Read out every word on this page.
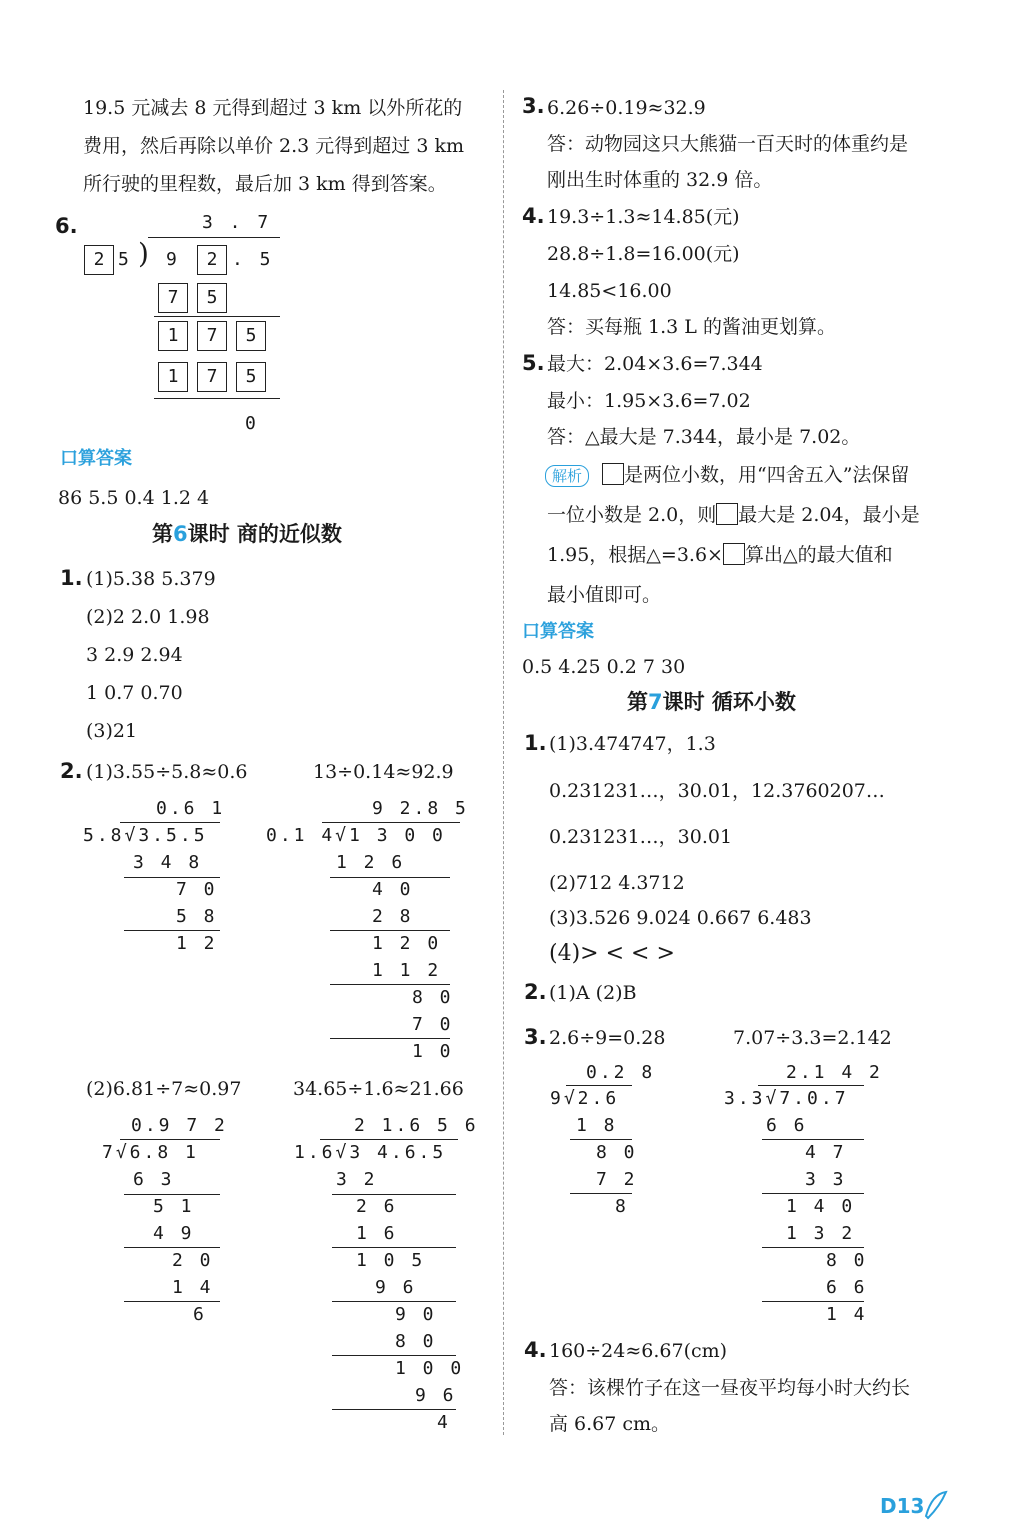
19.5 元减去 8 元得到超过 3 km 以外所花的
费用，然后再除以单价 2.3 元得到超过 3 km
所行驶的里程数，最后加 3 km 得到答案。
6.	3 . 7
2 5 ) 9	2 . 5
7	5
1	7	5
1	7	5
0
口算答案
86 5.5 0.4 1.2 4
第6课时 商的近似数
1. (1)5.38 5.379
(2)2 2.0 1.98
3 2.9 2.94
1 0.7 0.70
(3)21
2. (1)3.55÷5.8≈0.6	13÷0.14≈92.9
0.6 1
5.8√3.5.5
3 4 8
7 0
5 8
1 2
9 2.8 5
0.1 4√1 3 0 0
1 2 6
4 0
2 8
1 2 0
1 1 2
8 0
7 0
1 0
(2)6.81÷7≈0.97	34.65÷1.6≈21.66
0.9 7 2
7√6.8 1
6 3
5 1
4 9
2 0
1 4
6
2 1.6 5 6
1.6√3 4.6.5
3 2
2 6
1 6
1 0 5
9 6
9 0
8 0
1 0 0
9 6
4
3. 6.26÷0.19≈32.9
答：动物园这只大熊猫一百天时的体重约是
刚出生时体重的 32.9 倍。
4. 19.3÷1.3≈14.85(元)
28.8÷1.8=16.00(元)
14.85<16.00
答：买每瓶 1.3 L 的酱油更划算。
5. 最大：2.04×3.6=7.344
最小：1.95×3.6=7.02
答：△最大是 7.344，最小是 7.02。
解析	是两位小数，用“四舍五入”法保留
一位小数是 2.0，则 最大是 2.04，最小是
1.95，根据△=3.6× 算出△的最大值和
最小值即可。
口算答案
0.5 4.25 0.2 7 30
第7课时 循环小数
1. (1)3.474747，1.3
0.231231…，30.01，12.3760207…
0.231231…，30.01
(2)712 4.3712
(3)3.526 9.024 0.667 6.483
(4)> < < >
2. (1)A (2)B
3. 2.6÷9=0.28	7.07÷3.3=2.142
0.2 8
9√2.6
1 8
8 0
7 2
8
2.1 4 2
3.3√7.0.7
6 6
4 7
3 3
1 4 0
1 3 2
8 0
6 6
1 4
4. 160÷24≈6.67(cm)
答：该棵竹子在这一昼夜平均每小时大约长
高 6.67 cm。
D13
